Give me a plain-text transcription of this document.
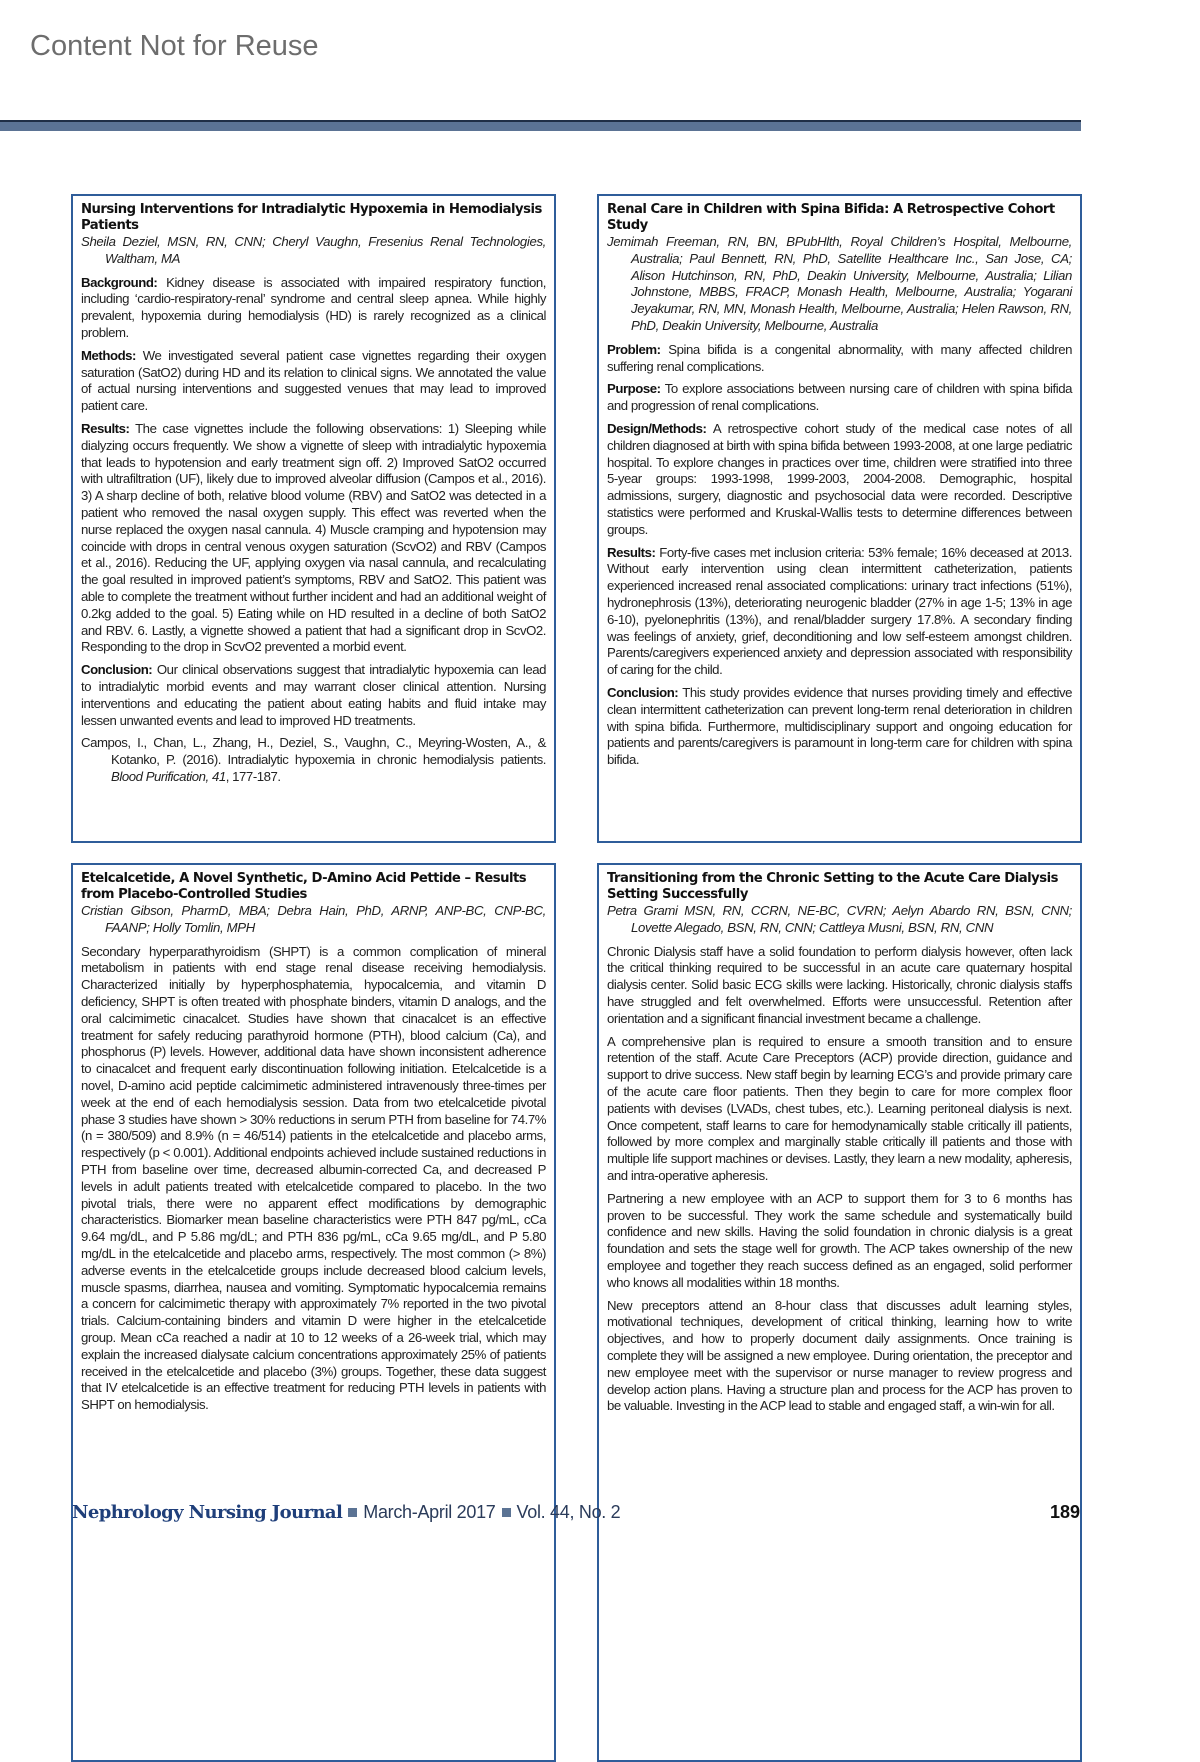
Content Not for Reuse
Nursing Interventions for Intradialytic Hypoxemia in Hemodialysis Patients
Sheila Deziel, MSN, RN, CNN; Cheryl Vaughn, Fresenius Renal Technologies, Waltham, MA

Background: Kidney disease is associated with impaired respiratory function, including ‘cardio-respiratory-renal’ syndrome and central sleep apnea. While highly prevalent, hypoxemia during hemodialysis (HD) is rarely recognized as a clinical problem.

Methods: We investigated several patient case vignettes regarding their oxygen saturation (SatO2) during HD and its relation to clinical signs. We annotated the value of actual nursing interventions and suggested venues that may lead to improved patient care.

Results: The case vignettes include the following observations: 1) Sleeping while dialyzing occurs frequently. We show a vignette of sleep with intradialytic hypoxemia that leads to hypotension and early treatment sign off. 2) Improved SatO2 occurred with ultrafiltration (UF), likely due to improved alveolar diffusion (Campos et al., 2016). 3) A sharp decline of both, relative blood volume (RBV) and SatO2 was detected in a patient who removed the nasal oxygen supply. This effect was reverted when the nurse replaced the oxygen nasal cannula. 4) Muscle cramping and hypotension may coincide with drops in central venous oxygen saturation (ScvO2) and RBV (Campos et al., 2016). Reducing the UF, applying oxygen via nasal cannula, and recalculating the goal resulted in improved patient’s symptoms, RBV and SatO2. This patient was able to complete the treatment without further incident and had an additional weight of 0.2kg added to the goal. 5) Eating while on HD resulted in a decline of both SatO2 and RBV. 6. Lastly, a vignette showed a patient that had a significant drop in ScvO2. Responding to the drop in ScvO2 prevented a morbid event.

Conclusion: Our clinical observations suggest that intradialytic hypoxemia can lead to intradialytic morbid events and may warrant closer clinical attention. Nursing interventions and educating the patient about eating habits and fluid intake may lessen unwanted events and lead to improved HD treatments.

Campos, I., Chan, L., Zhang, H., Deziel, S., Vaughn, C., Meyring-Wosten, A., & Kotanko, P. (2016). Intradialytic hypoxemia in chronic hemodialysis patients. Blood Purification, 41, 177-187.

Renal Care in Children with Spina Bifida: A Retrospective Cohort Study
Jemimah Freeman, RN, BN, BPubHlth, Royal Children’s Hospital, Melbourne, Australia; Paul Bennett, RN, PhD, Satellite Healthcare Inc., San Jose, CA; Alison Hutchinson, RN, PhD, Deakin University, Melbourne, Australia; Lilian Johnstone, MBBS, FRACP, Monash Health, Melbourne, Australia; Yogarani Jeyakumar, RN, MN, Monash Health, Melbourne, Australia; Helen Rawson, RN, PhD, Deakin University, Melbourne, Australia

Problem: Spina bifida is a congenital abnormality, with many affected children suffering renal complications.

Purpose: To explore associations between nursing care of children with spina bifida and progression of renal complications.

Design/Methods: A retrospective cohort study of the medical case notes of all children diagnosed at birth with spina bifida between 1993-2008, at one large pediatric hospital. To explore changes in practices over time, children were stratified into three 5-year groups: 1993-1998, 1999-2003, 2004-2008. Demographic, hospital admissions, surgery, diagnostic and psychosocial data were recorded. Descriptive statistics were performed and Kruskal-Wallis tests to determine differences between groups.

Results: Forty-five cases met inclusion criteria: 53% female; 16% deceased at 2013. Without early intervention using clean intermittent catheterization, patients experienced increased renal associated complications: urinary tract infections (51%), hydronephrosis (13%), deteriorating neurogenic bladder (27% in age 1-5; 13% in age 6-10), pyelonephritis (13%), and renal/bladder surgery 17.8%. A secondary finding was feelings of anxiety, grief, deconditioning and low self-esteem amongst children. Parents/caregivers experienced anxiety and depression associated with responsibility of caring for the child.

Conclusion: This study provides evidence that nurses providing timely and effective clean intermittent catheterization can prevent long-term renal deterioration in children with spina bifida. Furthermore, multidisciplinary support and ongoing education for patients and parents/caregivers is paramount in long-term care for children with spina bifida.

Etelcalcetide, A Novel Synthetic, D-Amino Acid Pettide – Results from Placebo-Controlled Studies
Cristian Gibson, PharmD, MBA; Debra Hain, PhD, ARNP, ANP-BC, CNP-BC, FAANP; Holly Tomlin, MPH

Secondary hyperparathyroidism (SHPT) is a common complication of mineral metabolism in patients with end stage renal disease receiving hemodialysis. Characterized initially by hyperphosphatemia, hypocalcemia, and vitamin D deficiency, SHPT is often treated with phosphate binders, vitamin D analogs, and the oral calcimimetic cinacalcet. Studies have shown that cinacalcet is an effective treatment for safely reducing parathyroid hormone (PTH), blood calcium (Ca), and phosphorus (P) levels. However, additional data have shown inconsistent adherence to cinacalcet and frequent early discontinuation following initiation. Etelcalcetide is a novel, D-amino acid peptide calcimimetic administered intravenously three-times per week at the end of each hemodialysis session. Data from two etelcalcetide pivotal phase 3 studies have shown > 30% reductions in serum PTH from baseline for 74.7% (n = 380/509) and 8.9% (n = 46/514) patients in the etelcalcetide and placebo arms, respectively (p < 0.001). Additional endpoints achieved include sustained reductions in PTH from baseline over time, decreased albumin-corrected Ca, and decreased P levels in adult patients treated with etelcalcetide compared to placebo. In the two pivotal trials, there were no apparent effect modifications by demographic characteristics. Biomarker mean baseline characteristics were PTH 847 pg/mL, cCa 9.64 mg/dL, and P 5.86 mg/dL; and PTH 836 pg/mL, cCa 9.65 mg/dL, and P 5.80 mg/dL in the etelcalcetide and placebo arms, respectively. The most common (> 8%) adverse events in the etelcalcetide groups include decreased blood calcium levels, muscle spasms, diarrhea, nausea and vomiting. Symptomatic hypocalcemia remains a concern for calcimimetic therapy with approximately 7% reported in the two pivotal trials. Calcium-containing binders and vitamin D were higher in the etelcalcetide group. Mean cCa reached a nadir at 10 to 12 weeks of a 26-week trial, which may explain the increased dialysate calcium concentrations approximately 25% of patients received in the etelcalcetide and placebo (3%) groups. Together, these data suggest that IV etelcalcetide is an effective treatment for reducing PTH levels in patients with SHPT on hemodialysis.

Transitioning from the Chronic Setting to the Acute Care Dialysis Setting Successfully
Petra Grami MSN, RN, CCRN, NE-BC, CVRN; Aelyn Abardo RN, BSN, CNN; Lovette Alegado, BSN, RN, CNN; Cattleya Musni, BSN, RN, CNN

Chronic Dialysis staff have a solid foundation to perform dialysis however, often lack the critical thinking required to be successful in an acute care quaternary hospital dialysis center. Solid basic ECG skills were lacking. Historically, chronic dialysis staffs have struggled and felt overwhelmed. Efforts were unsuccessful. Retention after orientation and a significant financial investment became a challenge.

A comprehensive plan is required to ensure a smooth transition and to ensure retention of the staff. Acute Care Preceptors (ACP) provide direction, guidance and support to drive success. New staff begin by learning ECG’s and provide primary care of the acute care floor patients. Then they begin to care for more complex floor patients with devises (LVADs, chest tubes, etc.). Learning peritoneal dialysis is next. Once competent, staff learns to care for hemodynamically stable critically ill patients, followed by more complex and marginally stable critically ill patients and those with multiple life support machines or devises. Lastly, they learn a new modality, apheresis, and intra-operative apheresis.

Partnering a new employee with an ACP to support them for 3 to 6 months has proven to be successful. They work the same schedule and systematically build confidence and new skills. Having the solid foundation in chronic dialysis is a great foundation and sets the stage well for growth. The ACP takes ownership of the new employee and together they reach success defined as an engaged, solid performer who knows all modalities within 18 months.

New preceptors attend an 8-hour class that discusses adult learning styles, motivational techniques, development of critical thinking, learning how to write objectives, and how to properly document daily assignments. Once training is complete they will be assigned a new employee. During orientation, the preceptor and new employee meet with the supervisor or nurse manager to review progress and develop action plans. Having a structure plan and process for the ACP has proven to be valuable. Investing in the ACP lead to stable and engaged staff, a win-win for all.

Nephrology Nursing Journal March-April 2017 Vol. 44, No. 2	189
